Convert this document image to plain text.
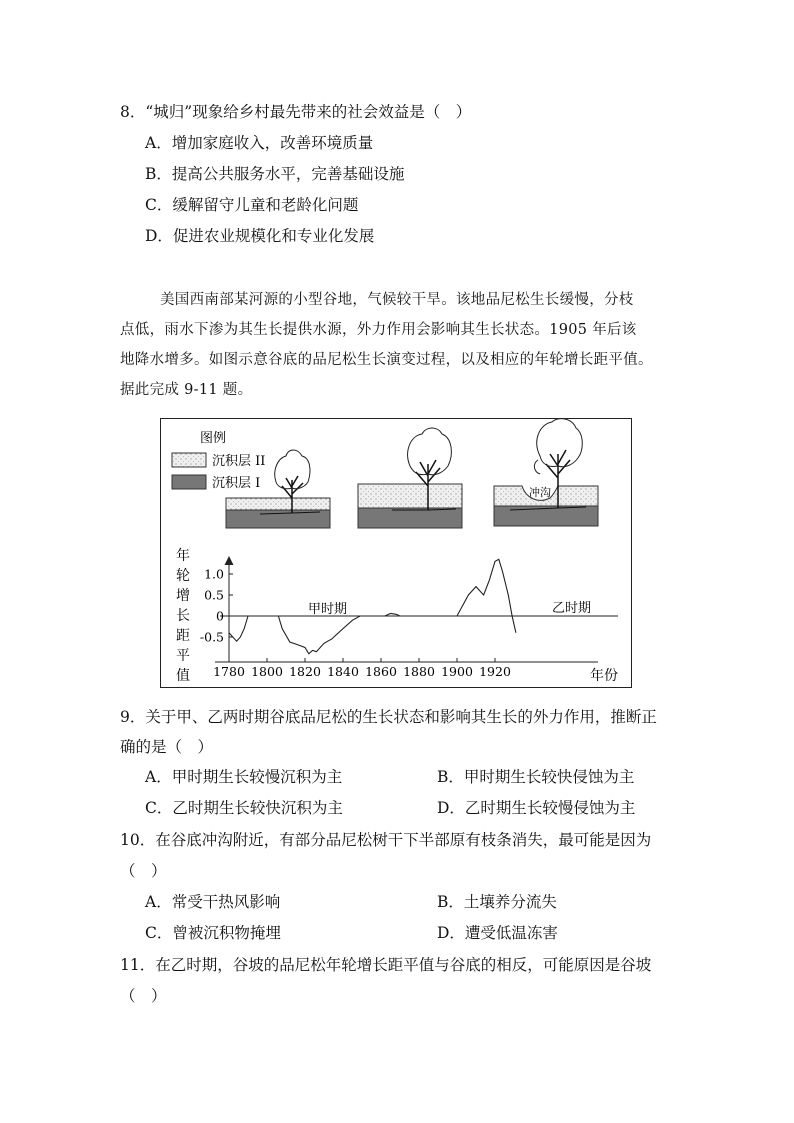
8．“城归”现象给乡村最先带来的社会效益是（　）
A．增加家庭收入，改善环境质量
B．提高公共服务水平，完善基础设施
C．缓解留守儿童和老龄化问题
D．促进农业规模化和专业化发展
美国西南部某河源的小型谷地，气候较干旱。该地品尼松生长缓慢，分枝
点低，雨水下渗为其生长提供水源，外力作用会影响其生长状态。1905 年后该
地降水增多。如图示意谷底的品尼松生长演变过程，以及相应的年轮增长距平值。
据此完成 9-11 题。
图例
沉积层 II
沉积层 I
冲沟
年
轮
增
长
距
平
值
1.0
0.5
0
-0.5
1780 1800 1820 1840 1860 1880 1900 1920	年份
甲时期	乙时期
9．关于甲、乙两时期谷底品尼松的生长状态和影响其生长的外力作用，推断正
确的是（　）
A．甲时期生长较慢沉积为主	B．甲时期生长较快侵蚀为主
C．乙时期生长较快沉积为主	D．乙时期生长较慢侵蚀为主
10．在谷底冲沟附近，有部分品尼松树干下半部原有枝条消失，最可能是因为
（　）
A．常受干热风影响	B．土壤养分流失
C．曾被沉积物掩埋	D．遭受低温冻害
11．在乙时期，谷坡的品尼松年轮增长距平值与谷底的相反，可能原因是谷坡
（　）
